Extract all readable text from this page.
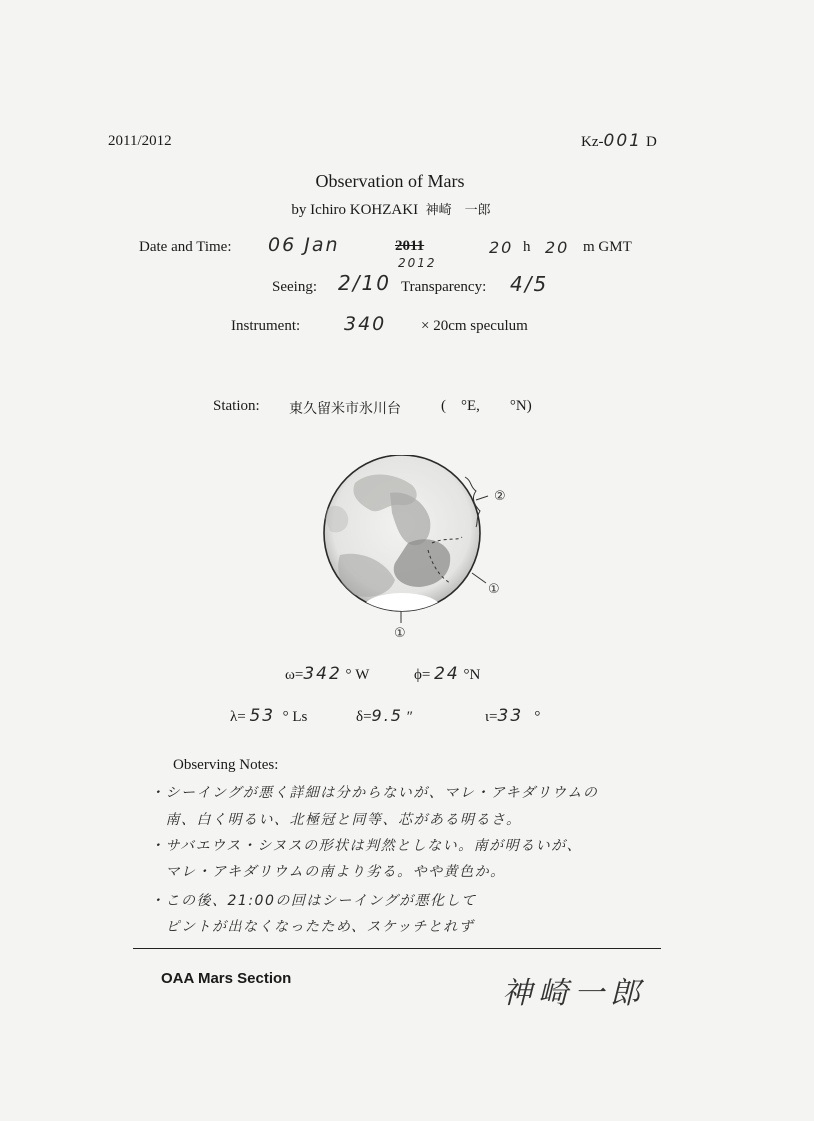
2011/2012	Kz-001 D
Observation of Mars
by Ichiro KOHZAKI 神崎　一郎
Date and Time: 06 Jan	2011
2012
20 h 20 m GMT
Seeing: 2/10 Transparency: 4/5
Instrument: 340 × 20cm speculum
Station: 東久留米市氷川台	(    °E,        °N)
②
①
①
ω=342 ° W	ϕ= 24 °N
λ= 53 ° Ls	δ=9.5 ″	ι=33 °
Observing Notes:
・シーイングが悪く詳細は分からないが、マレ・アキダリウムの
　南、白く明るい、北極冠と同等、芯がある明るさ。
・サバエウス・シヌスの形状は判然としない。南が明るいが、
　マレ・アキダリウムの南より劣る。やや黄色か。
・この後、21:00の回はシーイングが悪化して
　ピントが出なくなったため、スケッチとれず
OAA Mars Section	神崎一郎
